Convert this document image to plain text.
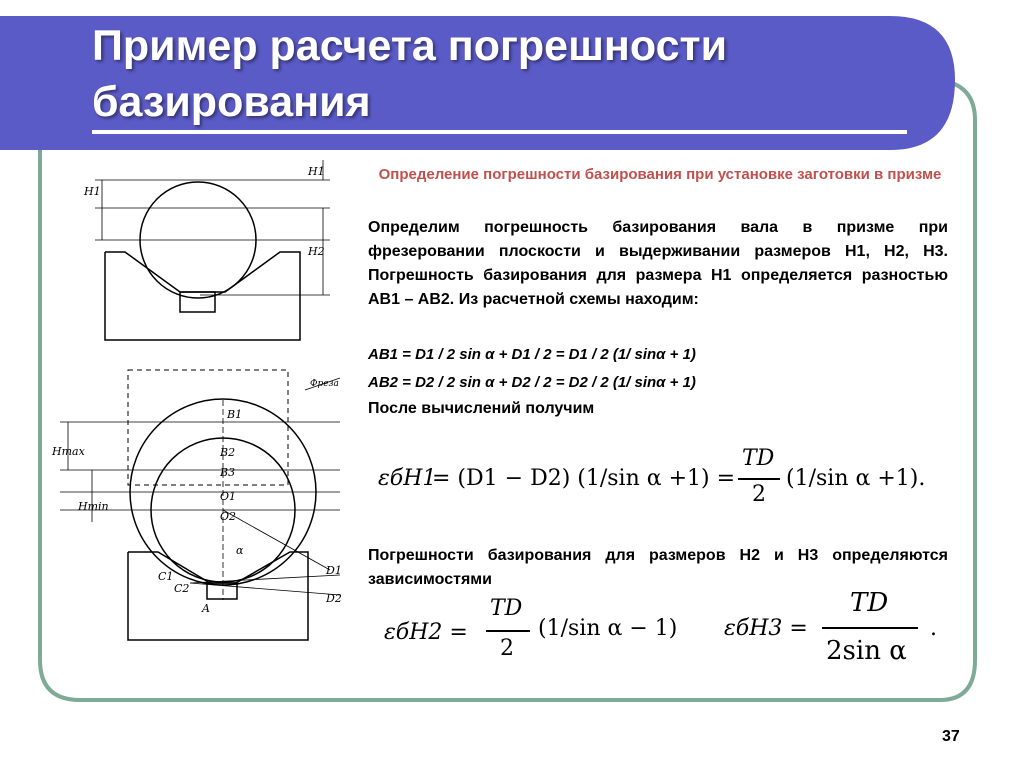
Пример расчета погрешности базирования
H1
H1
H2
Hmax
Hmin
B1
B2
B3
O1
O2
C1
C2
A
α
D1
D2
Фреза
Определение погрешности базирования при установке заготовки в призме
Определим погрешность базирования вала в призме при фрезеровании плоскости и выдерживании размеров Н1, Н2, Н3. Погрешность базирования для размера Н1 определяется разностью АВ1 – АВ2. Из расчетной схемы находим:
АВ1 = D1 / 2 sin α + D1 / 2 = D1 / 2 (1/ sinα + 1)
АВ2 = D2 / 2 sin α + D2 / 2 = D2 / 2 (1/ sinα + 1)
После вычислений получим
εбН1
= (D1 − D2) (1/sin α +1) =
TD
2
(1/sin α +1).
Погрешности базирования для размеров Н2 и Н3 определяются зависимостями
εбН2 =
TD
2
(1/sin α − 1) εбН3 =
TD
2sin α
.
37
